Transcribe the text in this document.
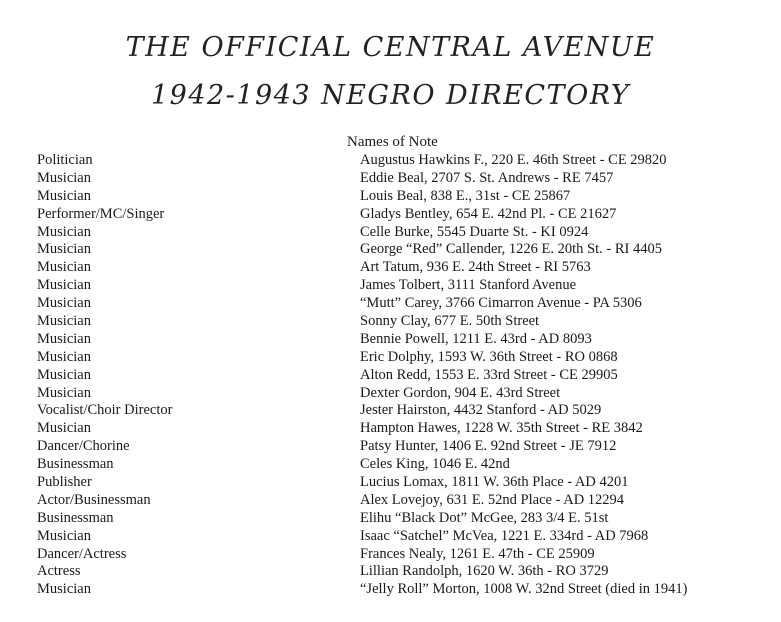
THE OFFICIAL CENTRAL AVENUE
1942-1943 NEGRO DIRECTORY
Names of Note
Politician	Augustus Hawkins F., 220 E. 46th Street - CE 29820
Musician	Eddie Beal, 2707 S. St. Andrews - RE 7457
Musician	Louis Beal, 838 E., 31st - CE 25867
Performer/MC/Singer	Gladys Bentley, 654 E. 42nd Pl. - CE 21627
Musician	Celle Burke, 5545 Duarte St. - KI 0924
Musician	George “Red” Callender, 1226 E. 20th St. - RI 4405
Musician	Art Tatum, 936 E. 24th Street - RI 5763
Musician	James Tolbert, 3111 Stanford Avenue
Musician	“Mutt” Carey, 3766 Cimarron Avenue - PA 5306
Musician	Sonny Clay, 677 E. 50th Street
Musician	Bennie Powell, 1211 E. 43rd - AD 8093
Musician	Eric Dolphy, 1593 W. 36th Street - RO 0868
Musician	Alton Redd, 1553 E. 33rd Street - CE 29905
Musician	Dexter Gordon, 904 E. 43rd Street
Vocalist/Choir Director	Jester Hairston, 4432 Stanford - AD 5029
Musician	Hampton Hawes, 1228 W. 35th Street - RE 3842
Dancer/Chorine	Patsy Hunter, 1406 E. 92nd Street - JE 7912
Businessman	Celes King, 1046 E. 42nd
Publisher	Lucius Lomax, 1811 W. 36th Place - AD 4201
Actor/Businessman	Alex Lovejoy, 631 E. 52nd Place - AD 12294
Businessman	Elihu “Black Dot” McGee, 283 3/4 E. 51st
Musician	Isaac “Satchel” McVea, 1221 E. 334rd - AD 7968
Dancer/Actress	Frances Nealy, 1261 E. 47th - CE 25909
Actress	Lillian Randolph, 1620 W. 36th - RO 3729
Musician	“Jelly Roll” Morton, 1008 W. 32nd Street (died in 1941)
